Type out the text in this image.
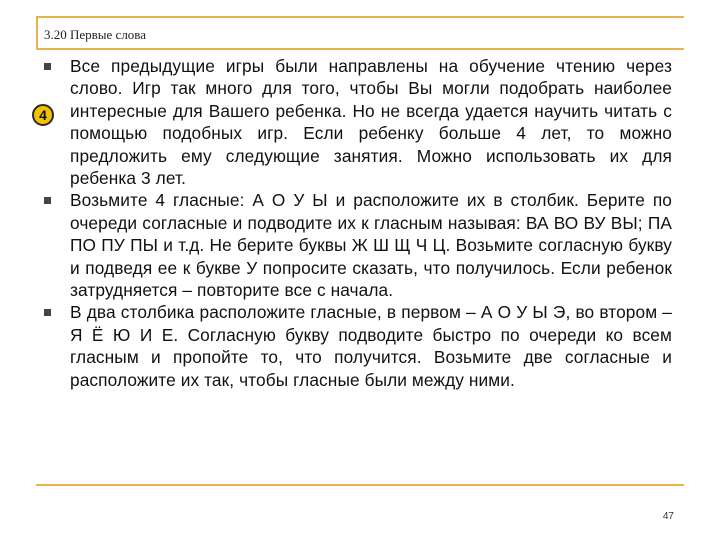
3.20 Первые слова
4
Все предыдущие игры были направлены на обучение чтению через слово. Игр так много для того, чтобы Вы могли подобрать наиболее интересные для Вашего ребенка. Но не всегда удается научить читать с помощью подобных игр. Если ребенку больше 4 лет, то можно предложить ему следующие занятия. Можно использовать их для ребенка 3 лет.
Возьмите 4 гласные: А О У Ы и расположите их в столбик. Берите по очереди согласные и подводите их к гласным называя: ВА ВО ВУ ВЫ; ПА ПО ПУ ПЫ и т.д. Не берите буквы Ж Ш Щ Ч Ц. Возьмите согласную букву и подведя ее к букве У попросите сказать, что получилось. Если ребенок затрудняется – повторите все с начала.
В два столбика расположите гласные, в первом – А О У Ы Э, во втором – Я Ё Ю И Е. Согласную букву подводите быстро по очереди ко всем гласным и пропойте то, что получится. Возьмите две согласные и расположите их так, чтобы гласные были между ними.
47
